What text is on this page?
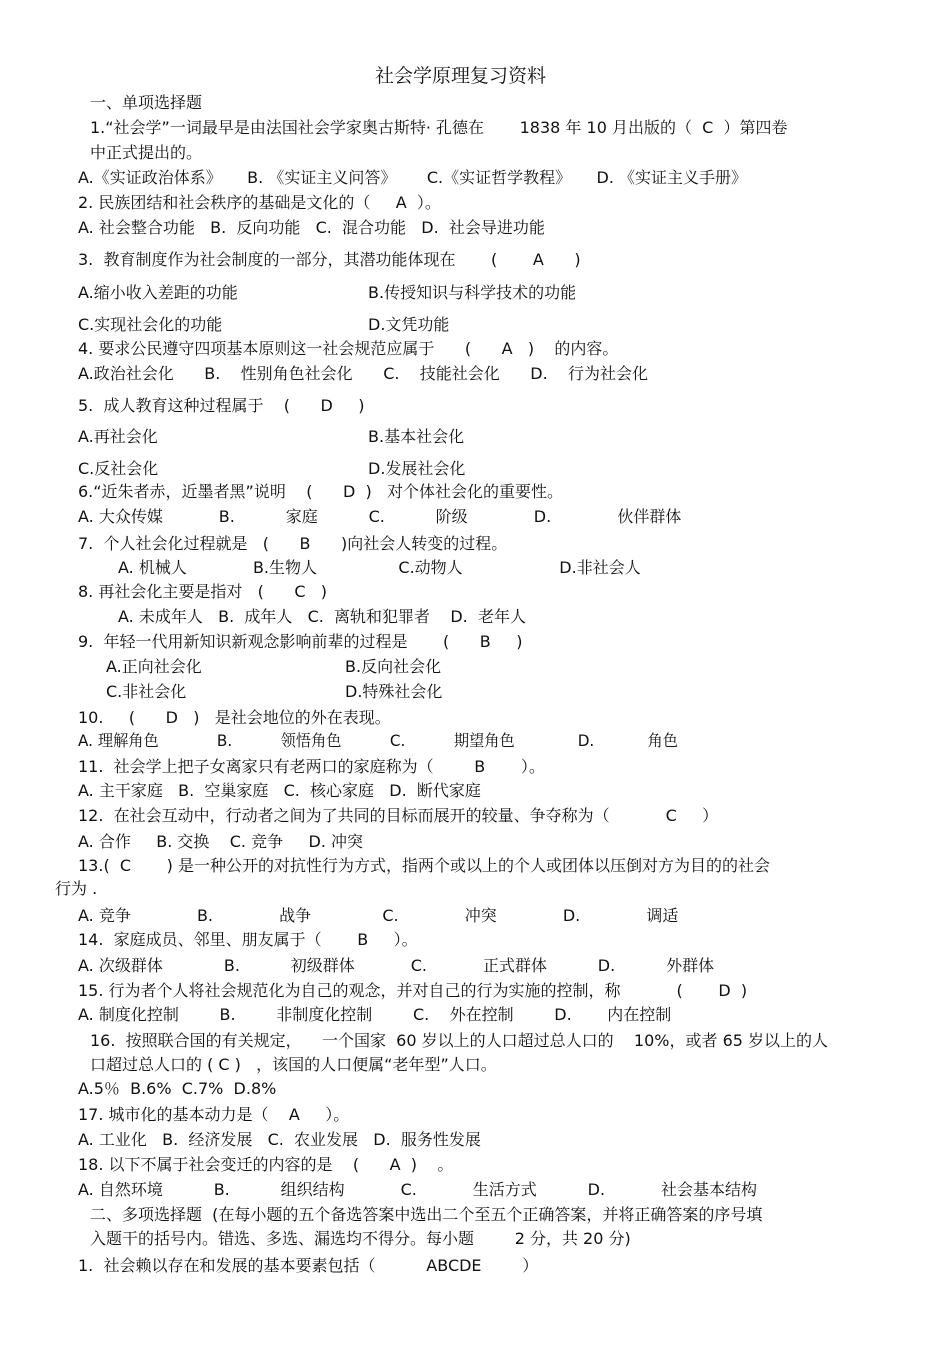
社会学原理复习资料
一、单项选择题
1.“社会学”一词最早是由法国社会学家奥古斯特· 孔德在       1838 年 10 月出版的（  C  ）第四卷
中正式提出的。
A.《实证政治体系》     B. 《实证主义问答》      C.《实证哲学教程》     D. 《实证主义手册》
2. 民族团结和社会秩序的基础是文化的（     A  ）。
A. 社会整合功能   B.  反向功能   C.  混合功能   D.  社会导进功能
3.  教育制度作为社会制度的一部分，其潜功能体现在       (       A      )
A.缩小收入差距的功能	B.传授知识与科学技术的功能
C.实现社会化的功能	D.文凭功能
4. 要求公民遵守四项基本原则这一社会规范应属于      (      A   )    的内容。
A.政治社会化      B.    性别角色社会化      C.    技能社会化      D.    行为社会化
5.  成人教育这种过程属于    (      D     )
A.再社会化	B.基本社会化
C.反社会化	D.发展社会化
6.“近朱者赤，近墨者黑”说明    (      D  )   对个体社会化的重要性。
A. 大众传媒           B.          家庭          C.          阶级             D.             伙伴群体
7.  个人社会化过程就是   (      B      )向社会人转变的过程。
A. 机械人             B.生物人                C.动物人                   D.非社会人
8. 再社会化主要是指对   (      C   )
A. 未成年人   B.  成年人   C.  离轨和犯罪者    D.  老年人
9.  年轻一代用新知识新观念影响前辈的过程是       (      B     )
A.正向社会化	B.反向社会化
C.非社会化	D.特殊社会化
10.     (      D   )   是社会地位的外在表现。
A. 理解角色            B.          领悟角色          C.          期望角色             D.           角色
11.  社会学上把子女离家只有老两口的家庭称为（        B       ）。
A. 主干家庭   B.  空巢家庭   C.  核心家庭   D.  断代家庭
12.  在社会互动中，行动者之间为了共同的目标而展开的较量、争夺称为（           C     ）
A. 合作     B. 交换    C. 竞争     D. 冲突
13.(  C       ) 是一种公开的对抗性行为方式，指两个或以上的个人或团体以压倒对方为目的的社会
行为 .
A. 竞争             B.             战争              C.             冲突             D.             调适
14.  家庭成员、邻里、朋友属于（       B     ）。
A. 次级群体            B.          初级群体           C.           正式群体          D.          外群体
15. 行为者个人将社会规范化为自己的观念，并对自己的行为实施的控制，称           (       D  )
A. 制度化控制        B.        非制度化控制        C.    外在控制        D.       内在控制
16.  按照联合国的有关规定，    一个国家  60 岁以上的人口超过总人口的    10%，或者 65 岁以上的人
口超过总人口的 ( C )   ，该国的人口便属“老年型”人口。
A.5％  B.6%  C.7%  D.8%
17. 城市化的基本动力是（    A     ）。
A. 工业化   B.  经济发展   C.  农业发展   D.  服务性发展
18. 以下不属于社会变迁的内容的是    (      A  )    。
A. 自然环境          B.          组织结构           C.           生活方式          D.           社会基本结构
二、多项选择题  (在每小题的五个备选答案中选出二个至五个正确答案，并将正确答案的序号填
入题干的括号内。错选、多选、漏选均不得分。每小题        2 分，共 20 分)
1.  社会赖以存在和发展的基本要素包括（          ABCDE        ）
